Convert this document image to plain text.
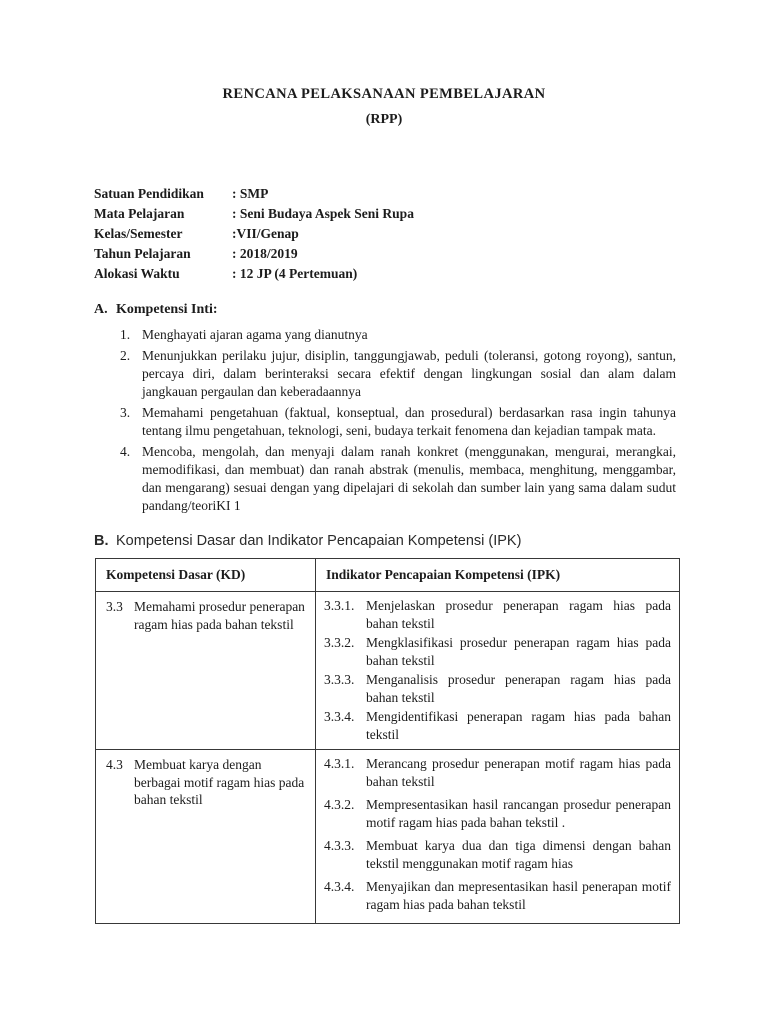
RENCANA PELAKSANAAN PEMBELAJARAN
(RPP)
Satuan Pendidikan	: SMP
Mata Pelajaran	: Seni Budaya Aspek Seni Rupa
Kelas/Semester	:VII/Genap
Tahun Pelajaran	: 2018/2019
Alokasi Waktu	: 12 JP (4 Pertemuan)
A. Kompetensi Inti:
1. Menghayati ajaran agama yang dianutnya
2. Menunjukkan perilaku jujur, disiplin, tanggungjawab, peduli (toleransi, gotong royong), santun, percaya diri, dalam berinteraksi secara efektif dengan lingkungan sosial dan alam dalam jangkauan pergaulan dan keberadaannya
3. Memahami pengetahuan (faktual, konseptual, dan prosedural) berdasarkan rasa ingin tahunya tentang ilmu pengetahuan, teknologi, seni, budaya terkait fenomena dan kejadian tampak mata.
4. Mencoba, mengolah, dan menyaji dalam ranah konkret (menggunakan, mengurai, merangkai, memodifikasi, dan membuat) dan ranah abstrak (menulis, membaca, menghitung, menggambar, dan mengarang) sesuai dengan yang dipelajari di sekolah dan sumber lain yang sama dalam sudut pandang/teoriKI 1
B. Kompetensi Dasar dan Indikator Pencapaian Kompetensi (IPK)
Kompetensi Dasar (KD)	Indikator Pencapaian Kompetensi (IPK)

3.3 Memahami prosedur penerapan ragam hias pada bahan tekstil

3.3.1. Menjelaskan prosedur penerapan ragam hias pada bahan tekstil
3.3.2. Mengklasifikasi prosedur penerapan ragam hias pada bahan tekstil
3.3.3. Menganalisis prosedur penerapan ragam hias pada bahan tekstil
3.3.4. Mengidentifikasi penerapan ragam hias pada bahan tekstil

4.3 Membuat karya dengan berbagai motif ragam hias pada bahan tekstil

4.3.1. Merancang prosedur penerapan motif ragam hias pada bahan tekstil
4.3.2. Mempresentasikan hasil rancangan prosedur penerapan motif ragam hias pada bahan tekstil .
4.3.3. Membuat karya dua dan tiga dimensi dengan bahan tekstil menggunakan motif ragam hias
4.3.4. Menyajikan dan mepresentasikan hasil penerapan motif ragam hias pada bahan tekstil
